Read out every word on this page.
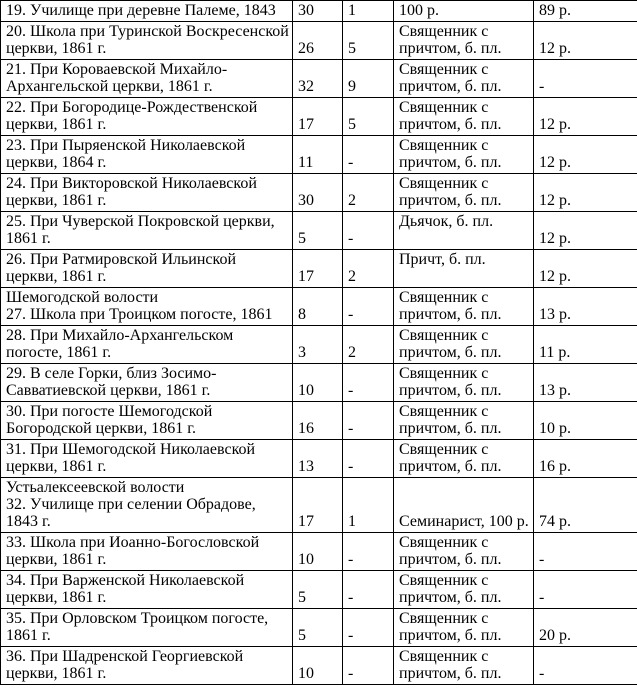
19. Училище при деревне Палеме, 1843	30	1	100 р.	89 р.

20. Школа при Туринской Воскресенской церкви, 1861 г.	26	5	Священник с причтом, б. пл.	12 р.

21. При Короваевской Михайло-Архангельской церкви, 1861 г.	32	9	Священник с причтом, б. пл.	-

22. При Богородице-Рождественской церкви, 1861 г.	17	5	Священник с причтом, б. пл.	12 р.

23. При Пыряенской Николаевской церкви, 1864 г.	11	-	Священник с причтом, б. пл.	12 р.

24. При Викторовской Николаевской церкви, 1861 г.	30	2	Священник с причтом, б. пл.	12 р.

25. При Чуверской Покровской церкви, 1861 г.	5	-	Дьячок, б. пл.	12 р.

26. При Ратмировской Ильинской церкви, 1861 г.	17	2	Причт, б. пл.	12 р.

Шемогодской волости
27. Школа при Троицком погосте, 1861	8	-	Священник с причтом, б. пл.	13 р.

28. При Михайло-Архангельском погосте, 1861 г.	3	2	Священник с причтом, б. пл.	11 р.

29. В селе Горки, близ Зосимо-Савватиевской церкви, 1861 г.	10	-	Священник с причтом, б. пл.	13 р.

30. При погосте Шемогодской Богородской церкви, 1861 г.	16	-	Священник с причтом, б. пл.	10 р.

31. При Шемогодской Николаевской церкви, 1861 г.	13	-	Священник с причтом, б. пл.	16 р.

Устьалексеевской волости
32. Училище при селении Обрадове, 1843 г.	17	1	Семинарист, 100 р.	74 р.

33. Школа при Иоанно-Богословской церкви, 1861 г.	10	-	Священник с причтом, б. пл.	-

34. При Варженской Николаевской церкви, 1861 г.	5	-	Священник с причтом, б. пл.	-

35. При Орловском Троицком погосте, 1861 г.	5	-	Священник с причтом, б. пл.	20 р.

36. При Шадренской Георгиевской церкви, 1861 г.	10	-	Священник с причтом, б. пл.	-
